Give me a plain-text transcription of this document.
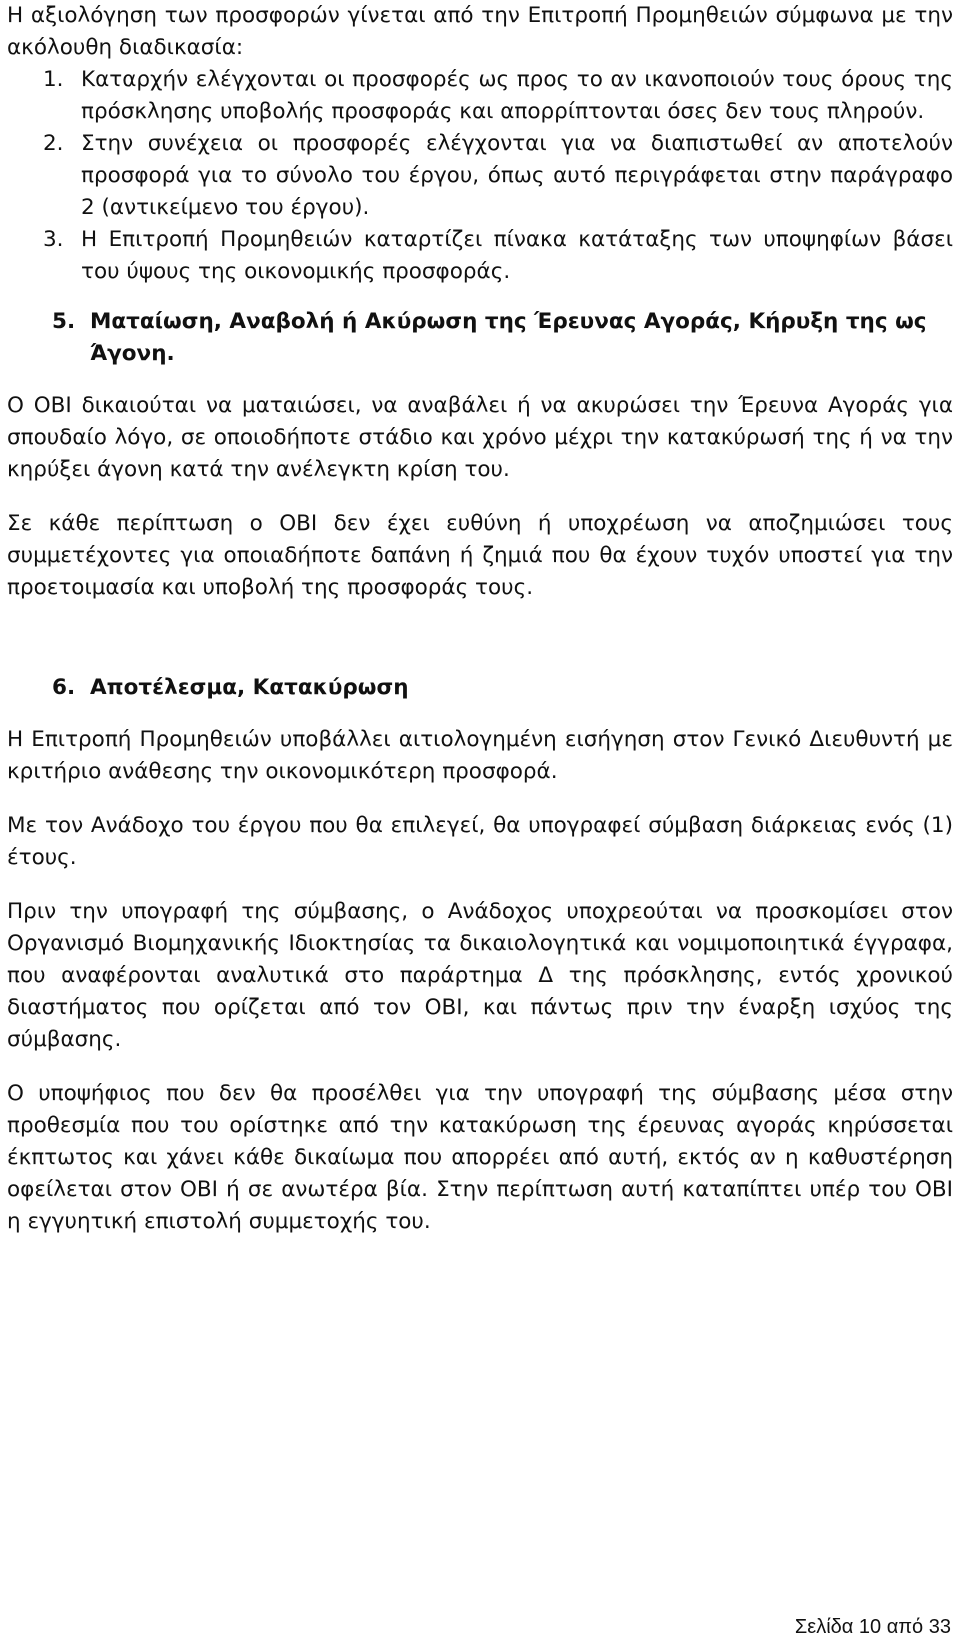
Η αξιολόγηση των προσφορών γίνεται από την Επιτροπή Προμηθειών σύμφωνα με την ακόλουθη διαδικασία:

1. Καταρχήν ελέγχονται οι προσφορές ως προς το αν ικανοποιούν τους όρους της πρόσκλησης υποβολής προσφοράς και απορρίπτονται όσες δεν τους πληρούν.
2. Στην συνέχεια οι προσφορές ελέγχονται για να διαπιστωθεί αν αποτελούν προσφορά για το σύνολο του έργου, όπως αυτό περιγράφεται στην παράγραφο 2 (αντικείμενο του έργου).
3. Η Επιτροπή Προμηθειών καταρτίζει πίνακα κατάταξης των υποψηφίων βάσει του ύψους της οικονομικής προσφοράς.
5. Ματαίωση, Αναβολή ή Ακύρωση της Έρευνας Αγοράς, Κήρυξη της ως Άγονη.

Ο ΟΒΙ δικαιούται να ματαιώσει, να αναβάλει ή να ακυρώσει την Έρευνα Αγοράς για σπουδαίο λόγο, σε οποιοδήποτε στάδιο και χρόνο μέχρι την κατακύρωσή της ή να την κηρύξει άγονη κατά την ανέλεγκτη κρίση του.

Σε κάθε περίπτωση ο ΟΒΙ δεν έχει ευθύνη ή υποχρέωση να αποζημιώσει τους συμμετέχοντες για οποιαδήποτε δαπάνη ή ζημιά που θα έχουν τυχόν υποστεί για την προετοιμασία και υποβολή της προσφοράς τους.

6. Αποτέλεσμα, Κατακύρωση

Η Επιτροπή Προμηθειών υποβάλλει αιτιολογημένη εισήγηση στον Γενικό Διευθυντή με κριτήριο ανάθεσης την οικονομικότερη προσφορά.

Με τον Ανάδοχο του έργου που θα επιλεγεί, θα υπογραφεί σύμβαση διάρκειας ενός (1) έτους.

Πριν την υπογραφή της σύμβασης, ο Ανάδοχος υποχρεούται να προσκομίσει στον Οργανισμό Βιομηχανικής Ιδιοκτησίας τα δικαιολογητικά και νομιμοποιητικά έγγραφα, που αναφέρονται αναλυτικά στο παράρτημα Δ της πρόσκλησης, εντός χρονικού διαστήματος που ορίζεται από τον ΟΒΙ, και πάντως πριν την έναρξη ισχύος της σύμβασης.

Ο υποψήφιος που δεν θα προσέλθει για την υπογραφή της σύμβασης μέσα στην προθεσμία που του ορίστηκε από την κατακύρωση της έρευνας αγοράς κηρύσσεται έκπτωτος και χάνει κάθε δικαίωμα που απορρέει από αυτή, εκτός αν η καθυστέρηση οφείλεται στον ΟΒΙ ή σε ανωτέρα βία. Στην περίπτωση αυτή καταπίπτει υπέρ του ΟΒΙ η εγγυητική επιστολή συμμετοχής του.

Σελίδα 10 από 33
